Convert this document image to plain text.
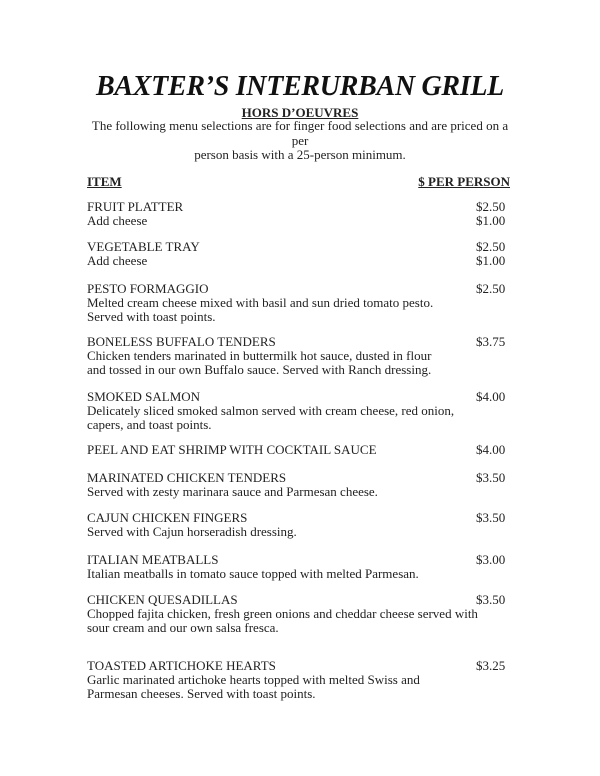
BAXTER’S INTERURBAN GRILL
HORS D’OEUVRES
The following menu selections are for finger food selections and are priced on a per
person basis with a 25-person minimum.
ITEM	$ PER PERSON
FRUIT PLATTER	$2.50
Add cheese	$1.00
VEGETABLE TRAY	$2.50
Add cheese	$1.00
PESTO FORMAGGIO	$2.50
Melted cream cheese mixed with basil and sun dried tomato pesto.
Served with toast points.
BONELESS BUFFALO TENDERS	$3.75
Chicken tenders marinated in buttermilk hot sauce, dusted in flour
and tossed in our own Buffalo sauce. Served with Ranch dressing.
SMOKED SALMON	$4.00
Delicately sliced smoked salmon served with cream cheese, red onion,
capers, and toast points.
PEEL AND EAT SHRIMP WITH COCKTAIL SAUCE	$4.00
MARINATED CHICKEN TENDERS	$3.50
Served with zesty marinara sauce and Parmesan cheese.
CAJUN CHICKEN FINGERS	$3.50
Served with Cajun horseradish dressing.
ITALIAN MEATBALLS	$3.00
Italian meatballs in tomato sauce topped with melted Parmesan.
CHICKEN QUESADILLAS	$3.50
Chopped fajita chicken, fresh green onions and cheddar cheese served with
sour cream and our own salsa fresca.
TOASTED ARTICHOKE HEARTS	$3.25
Garlic marinated artichoke hearts topped with melted Swiss and
Parmesan cheeses. Served with toast points.
